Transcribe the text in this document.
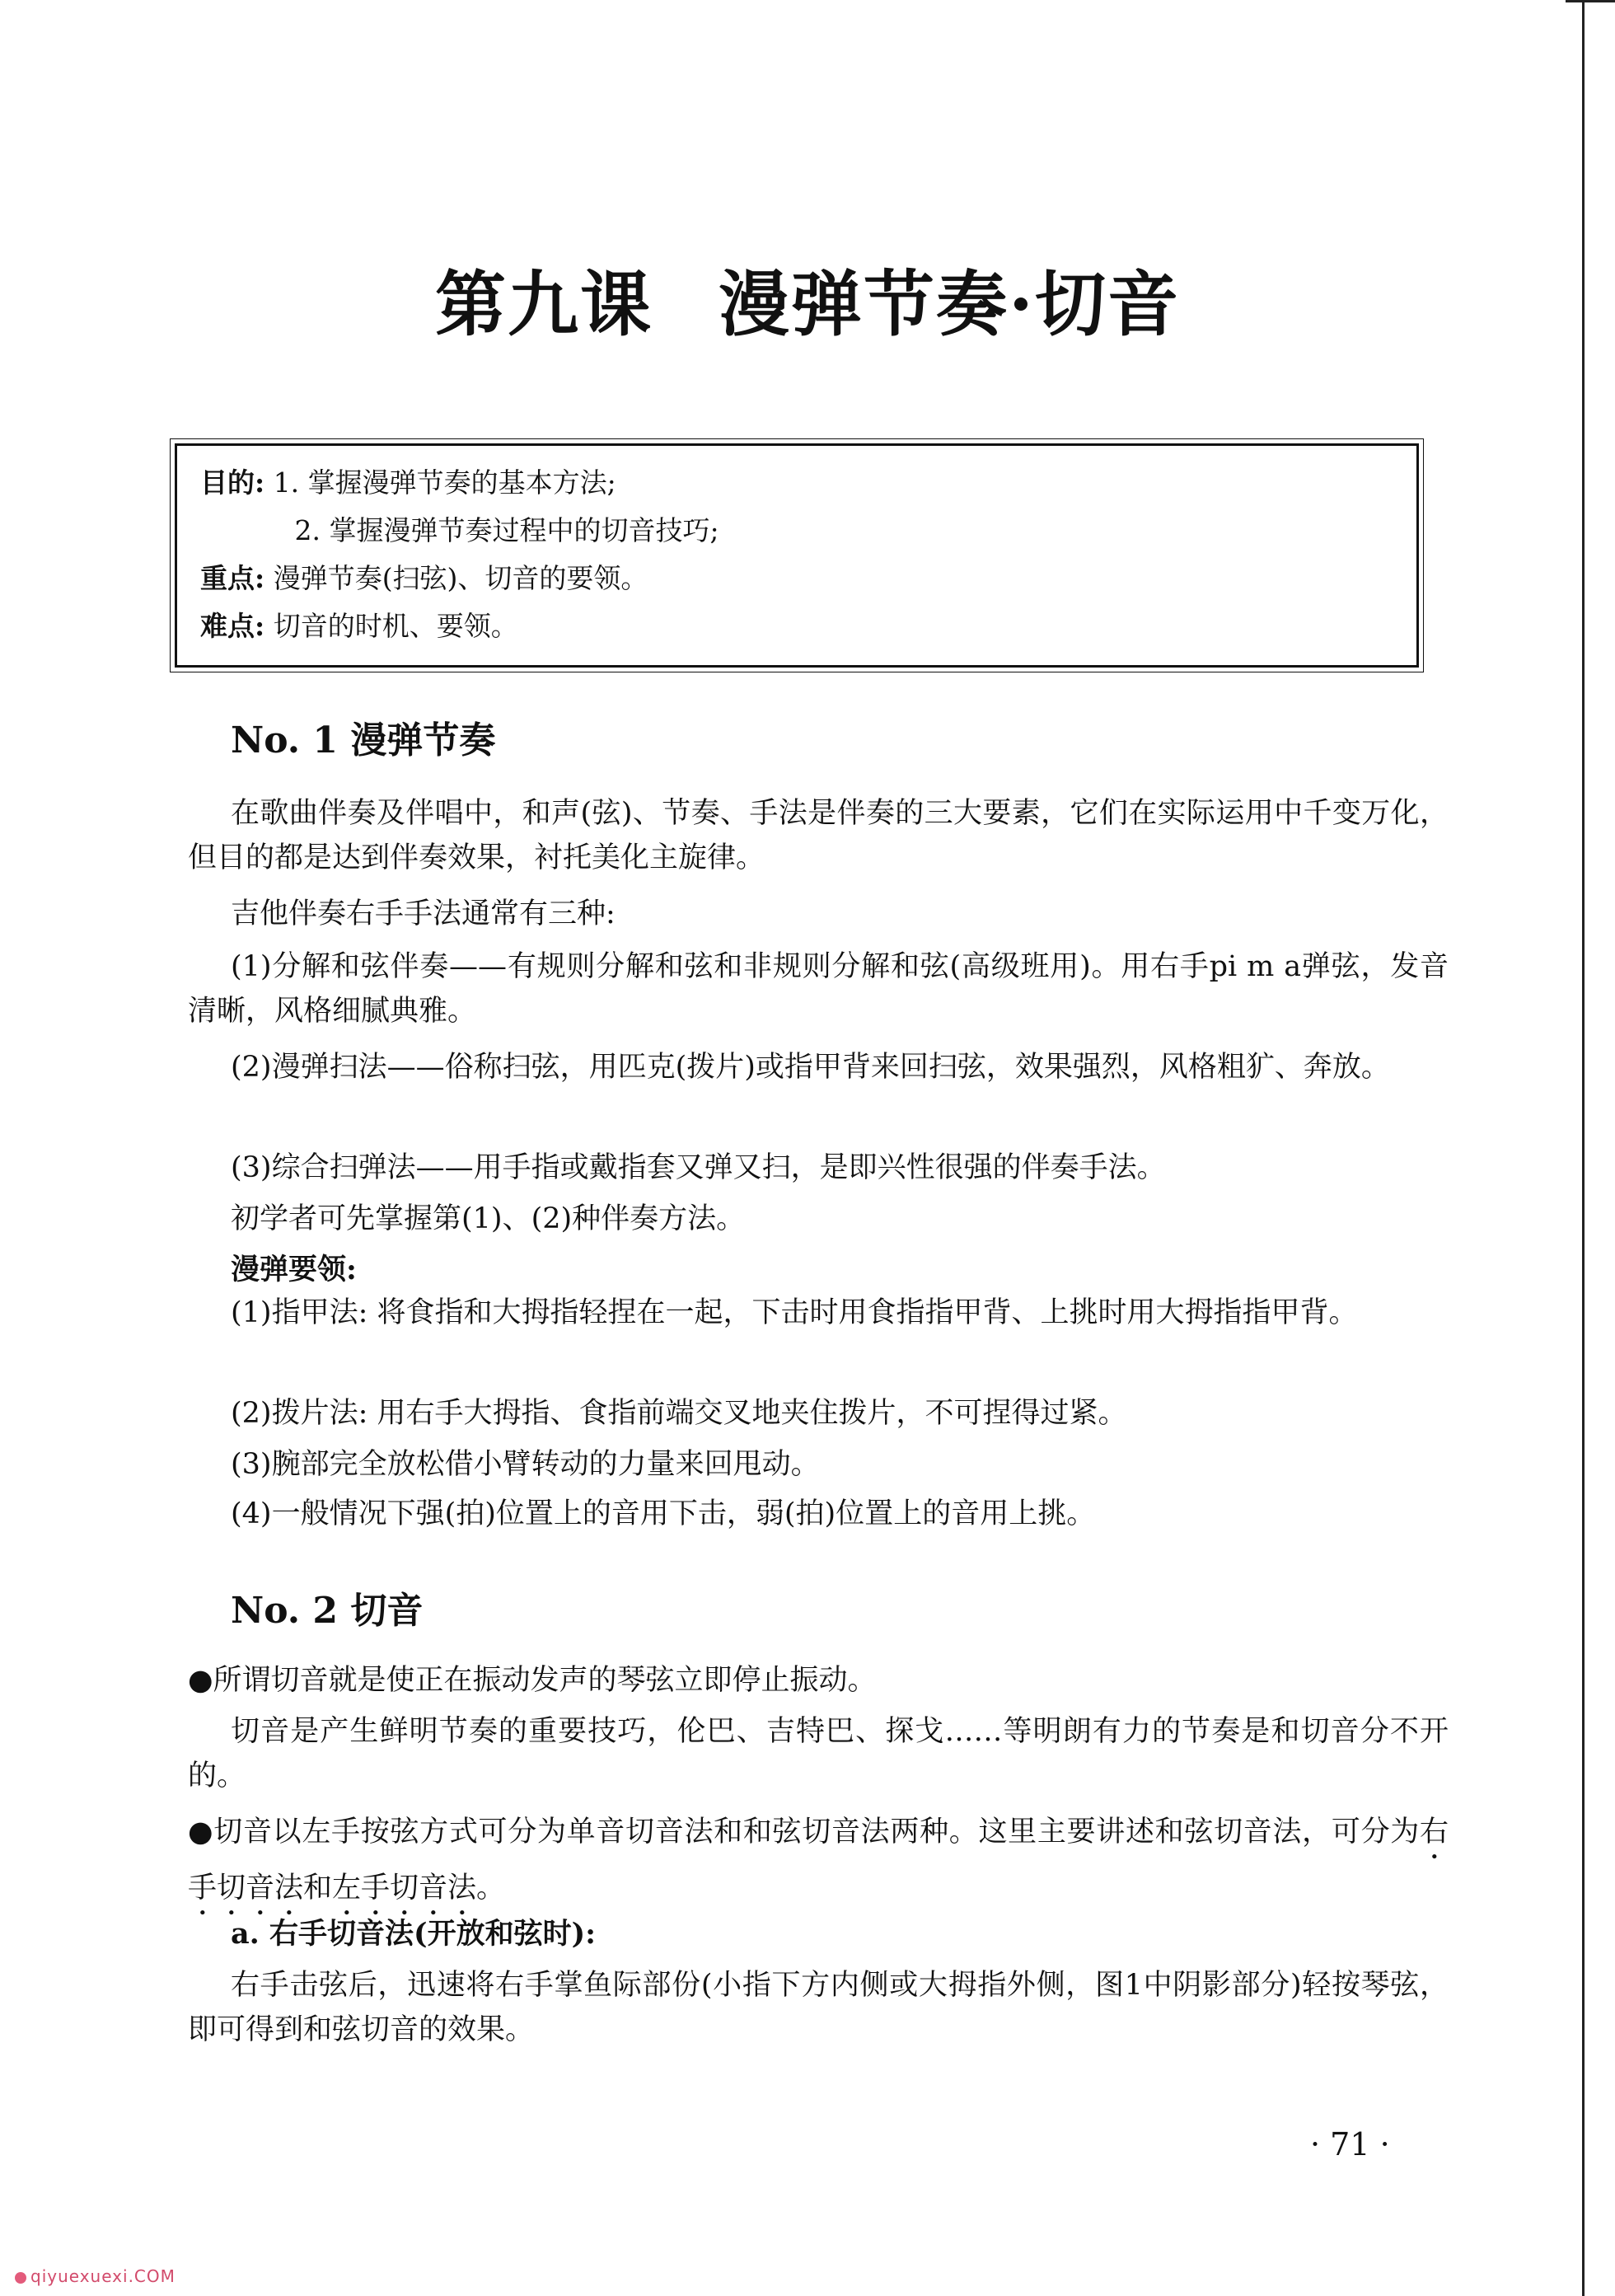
第九课 漫弹节奏·切音
目的: 1. 掌握漫弹节奏的基本方法;
2. 掌握漫弹节奏过程中的切音技巧;
重点: 漫弹节奏(扫弦)、切音的要领。
难点: 切音的时机、要领。
No. 1 漫弹节奏
在歌曲伴奏及伴唱中，和声(弦)、节奏、手法是伴奏的三大要素，它们在实际运用中千变万化，但目的都是达到伴奏效果，衬托美化主旋律。
吉他伴奏右手手法通常有三种:
(1)分解和弦伴奏——有规则分解和弦和非规则分解和弦(高级班用)。用右手pi m a弹弦，发音清晰，风格细腻典雅。
(2)漫弹扫法——俗称扫弦，用匹克(拨片)或指甲背来回扫弦，效果强烈，风格粗犷、奔放。
(3)综合扫弹法——用手指或戴指套又弹又扫，是即兴性很强的伴奏手法。
初学者可先掌握第(1)、(2)种伴奏方法。
漫弹要领:
(1)指甲法: 将食指和大拇指轻捏在一起，下击时用食指指甲背、上挑时用大拇指指甲背。
(2)拨片法: 用右手大拇指、食指前端交叉地夹住拨片，不可捏得过紧。
(3)腕部完全放松借小臂转动的力量来回甩动。
(4)一般情况下强(拍)位置上的音用下击，弱(拍)位置上的音用上挑。
No. 2 切音
●所谓切音就是使正在振动发声的琴弦立即停止振动。
切音是产生鲜明节奏的重要技巧，伦巴、吉特巴、探戈……等明朗有力的节奏是和切音分不开的。
●切音以左手按弦方式可分为单音切音法和和弦切音法两种。这里主要讲述和弦切音法，可分为右手切音法和左手切音法。
a. 右手切音法(开放和弦时):
右手击弦后，迅速将右手掌鱼际部份(小指下方内侧或大拇指外侧，图1中阴影部分)轻按琴弦，即可得到和弦切音的效果。
· 71 ·
qiyuexuexi.COM
